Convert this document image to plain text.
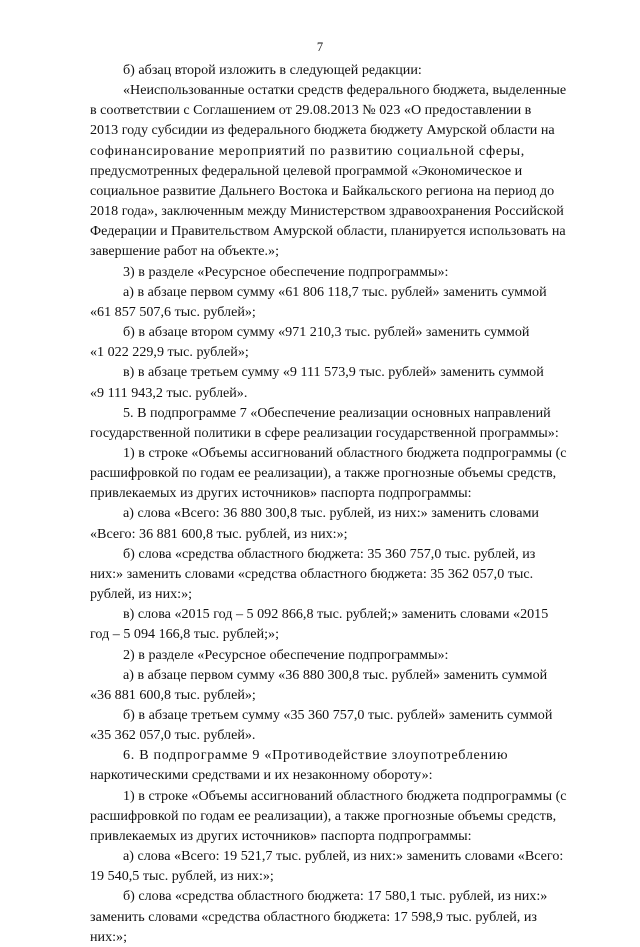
7

б) абзац второй изложить в следующей редакции:

«Неиспользованные остатки средств федерального бюджета, выделенные

в соответствии с Соглашением от 29.08.2013 № 023 «О предоставлении в

2013 году субсидии из федерального бюджета бюджету Амурской области на

софинансирование мероприятий по развитию социальной сферы,

предусмотренных федеральной целевой программой «Экономическое и

социальное развитие Дальнего Востока и Байкальского региона на период до

2018 года», заключенным между Министерством здравоохранения Российской

Федерации и Правительством Амурской области, планируется использовать на

завершение работ на объекте.»;

3) в разделе «Ресурсное обеспечение подпрограммы»:

а) в абзаце первом сумму «61 806 118,7 тыс. рублей» заменить суммой

«61 857 507,6 тыс. рублей»;

б) в абзаце втором сумму «971 210,3 тыс. рублей» заменить суммой

«1 022 229,9 тыс. рублей»;

в) в абзаце третьем сумму «9 111 573,9 тыс. рублей» заменить суммой

«9 111 943,2 тыс. рублей».

5. В подпрограмме 7 «Обеспечение реализации основных направлений

государственной политики в сфере реализации государственной программы»:

1) в строке «Объемы ассигнований областного бюджета подпрограммы (с

расшифровкой по годам ее реализации), а также прогнозные объемы средств,

привлекаемых из других источников» паспорта подпрограммы:

а) слова «Всего: 36 880 300,8 тыс. рублей, из них:» заменить словами

«Всего: 36 881 600,8 тыс. рублей, из них:»;

б) слова «средства областного бюджета: 35 360 757,0 тыс. рублей, из

них:» заменить словами «средства областного бюджета: 35 362 057,0 тыс.

рублей, из них:»;

в) слова «2015 год – 5 092 866,8 тыс. рублей;» заменить словами «2015

год – 5 094 166,8 тыс. рублей;»;

2) в разделе «Ресурсное обеспечение подпрограммы»:

а) в абзаце первом сумму «36 880 300,8 тыс. рублей» заменить суммой

«36 881 600,8 тыс. рублей»;

б) в абзаце третьем сумму «35 360 757,0 тыс. рублей» заменить суммой

«35 362 057,0 тыс. рублей».

6. В подпрограмме 9 «Противодействие злоупотреблению

наркотическими средствами и их незаконному обороту»:

1) в строке «Объемы ассигнований областного бюджета подпрограммы (с

расшифровкой по годам ее реализации), а также прогнозные объемы средств,

привлекаемых из других источников» паспорта подпрограммы:

а) слова «Всего: 19 521,7 тыс. рублей, из них:» заменить словами «Всего:

19 540,5 тыс. рублей, из них:»;

б) слова «средства областного бюджета: 17 580,1 тыс. рублей, из них:»

заменить словами «средства областного бюджета: 17 598,9 тыс. рублей, из

них:»;
